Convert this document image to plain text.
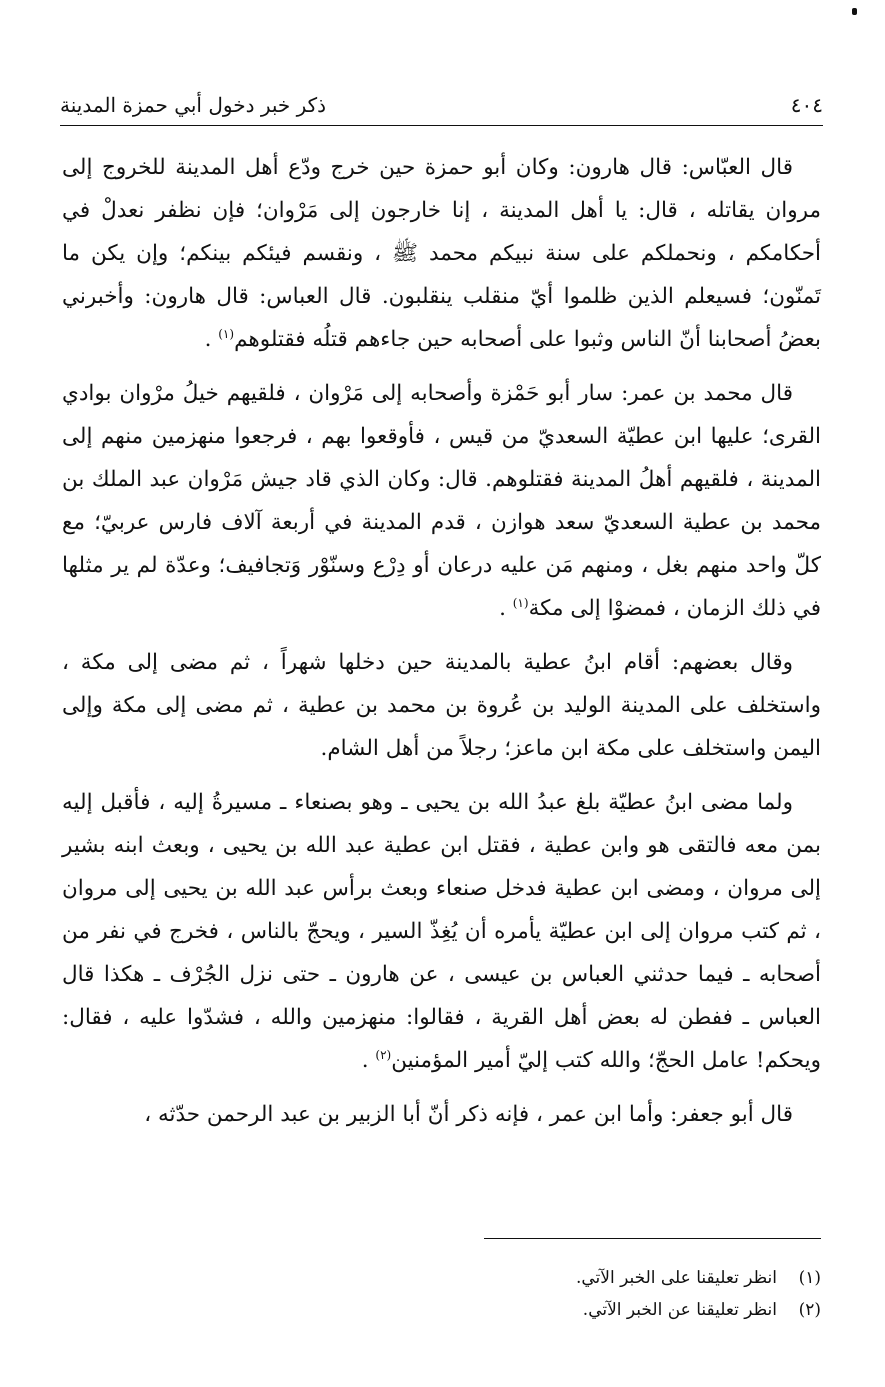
٤٠٤
ذكر خبر دخول أبي حمزة المدينة

قال العبّاس: قال هارون: وكان أبو حمزة حين خرج ودّع أهل المدينة للخروج إلى مروان يقاتله ، قال: يا أهل المدينة ، إنا خارجون إلى مَرْوان؛ فإن نظفر نعدلْ في أحكامكم ، ونحملكم على سنة نبيكم محمد ﷺ ، ونقسم فيئكم بينكم؛ وإن يكن ما تَمنّون؛ فسيعلم الذين ظلموا أيّ منقلب ينقلبون. قال العباس: قال هارون: وأخبرني بعضُ أصحابنا أنّ الناس وثبوا على أصحابه حين جاءهم قتلُه فقتلوهم$^{(١)}$ .

قال محمد بن عمر: سار أبو حَمْزة وأصحابه إلى مَرْوان ، فلقيهم خيلُ مرْوان بوادي القرى؛ عليها ابن عطيّة السعديّ من قيس ، فأوقعوا بهم ، فرجعوا منهزمين منهم إلى المدينة ، فلقيهم أهلُ المدينة فقتلوهم. قال: وكان الذي قاد جيش مَرْوان عبد الملك بن محمد بن عطية السعديّ سعد هوازن ، قدم المدينة في أربعة آلاف فارس عربيّ؛ مع كلّ واحد منهم بغل ، ومنهم مَن عليه درعان أو دِرْع وسنّوْر وَتجافيف؛ وعدّة لم ير مثلها في ذلك الزمان ، فمضوْا إلى مكة$^{(١)}$ .

وقال بعضهم: أقام ابنُ عطية بالمدينة حين دخلها شهراً ، ثم مضى إلى مكة ، واستخلف على المدينة الوليد بن عُروة بن محمد بن عطية ، ثم مضى إلى مكة وإلى اليمن واستخلف على مكة ابن ماعز؛ رجلاً من أهل الشام.

ولما مضى ابنُ عطيّة بلغ عبدُ الله بن يحيى ـ وهو بصنعاء ـ مسيرةُ إليه ، فأقبل إليه بمن معه فالتقى هو وابن عطية ، فقتل ابن عطية عبد الله بن يحيى ، وبعث ابنه بشير إلى مروان ، ومضى ابن عطية فدخل صنعاء وبعث برأس عبد الله بن يحيى إلى مروان ، ثم كتب مروان إلى ابن عطيّة يأمره أن يُغِذّ السير ، ويحجّ بالناس ، فخرج في نفر من أصحابه ـ فيما حدثني العباس بن عيسى ، عن هارون ـ حتى نزل الجُرْف ـ هكذا قال العباس ـ ففطن له بعض أهل القرية ، فقالوا: منهزمين والله ، فشدّوا عليه ، فقال: ويحكم! عامل الحجّ؛ والله كتب إليّ أمير المؤمنين$^{(٢)}$ .

قال أبو جعفر: وأما ابن عمر ، فإنه ذكر أنّ أبا الزبير بن عبد الرحمن حدّثه ،

(١)
انظر تعليقنا على الخبر الآتي.
(٢)
انظر تعليقنا عن الخبر الآتي.
